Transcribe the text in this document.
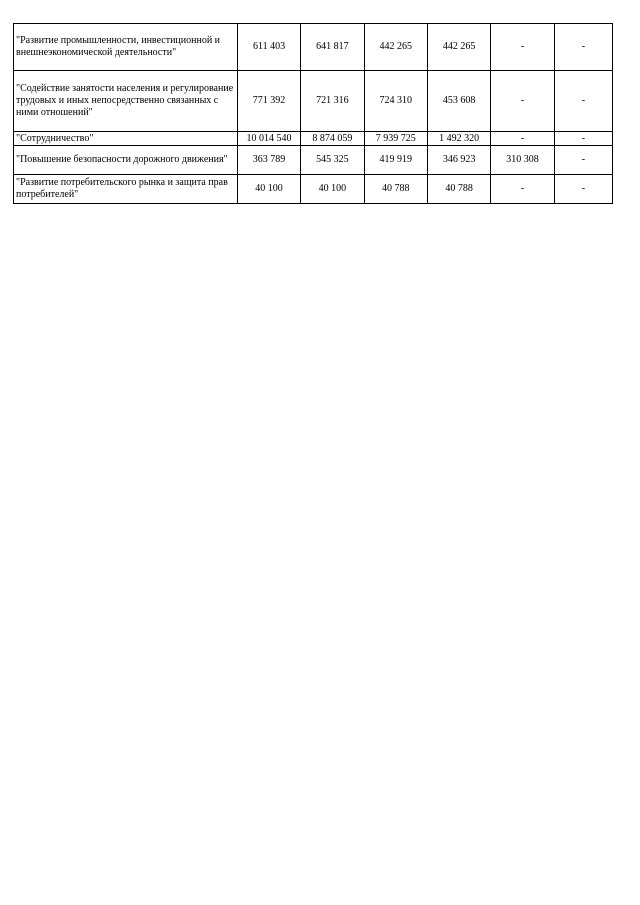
"Развитие промышленности, инвестиционной и внешнеэкономической деятельности"	611 403	641 817	442 265	442 265	-	-
"Содействие занятости населения и регулирование трудовых и иных непосредственно связанных с ними отношений"	771 392	721 316	724 310	453 608	-	-
"Сотрудничество"	10 014 540	8 874 059	7 939 725	1 492 320	-	-
"Повышение безопасности дорожного движения"	363 789	545 325	419 919	346 923	310 308	-
"Развитие потребительского рынка и защита прав потребителей"	40 100	40 100	40 788	40 788	-	-
